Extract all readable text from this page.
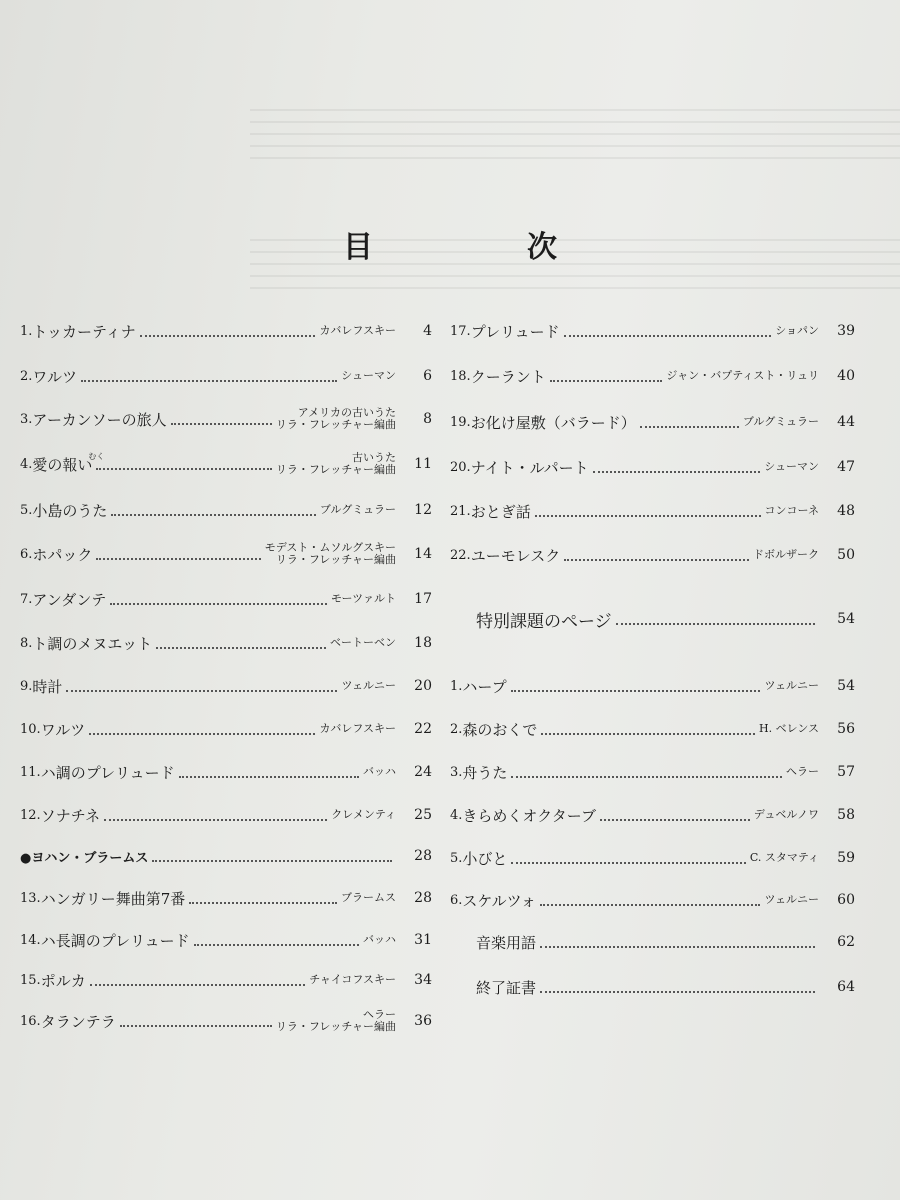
目　次
1. トッカーティナ	カバレフスキー	4
2. ワルツ	シューマン	6
3. アーカンソーの旅人	アメリカの古いうた
リラ・フレッチャー編曲	8
4. 愛の報い
むく	古いうた
リラ・フレッチャー編曲	11
5. 小島のうた	ブルグミュラー	12
6. ホパック	モデスト・ムソルグスキー
リラ・フレッチャー編曲	14
7. アンダンテ	モーツァルト	17
8. ト調のメヌエット	ベートーベン	18
9. 時計	ツェルニー	20
10. ワルツ	カバレフスキー	22
11. ハ調のプレリュード	バッハ	24
12. ソナチネ	クレメンティ	25
●ヨハン・ブラームス	28
13. ハンガリー舞曲第7番	ブラームス	28
14. ハ長調のプレリュード	バッハ	31
15. ポルカ	チャイコフスキー	34
16. タランテラ	ヘラー
リラ・フレッチャー編曲	36
17. プレリュード	ショパン	39
18. クーラント	ジャン・バプティスト・リュリ	40
19. お化け屋敷（バラード）	ブルグミュラー	44
20. ナイト・ルパート	シューマン	47
21. おとぎ話	コンコーネ	48
22. ユーモレスク	ドボルザーク	50
特別課題のページ	54
1. ハープ	ツェルニー	54
2. 森のおくで	H. ベレンス	56
3. 舟うた	ヘラー	57
4. きらめくオクターブ	デュベルノワ	58
5. 小びと	C. スタマティ	59
6. スケルツォ	ツェルニー	60
音楽用語	62
終了証書	64
